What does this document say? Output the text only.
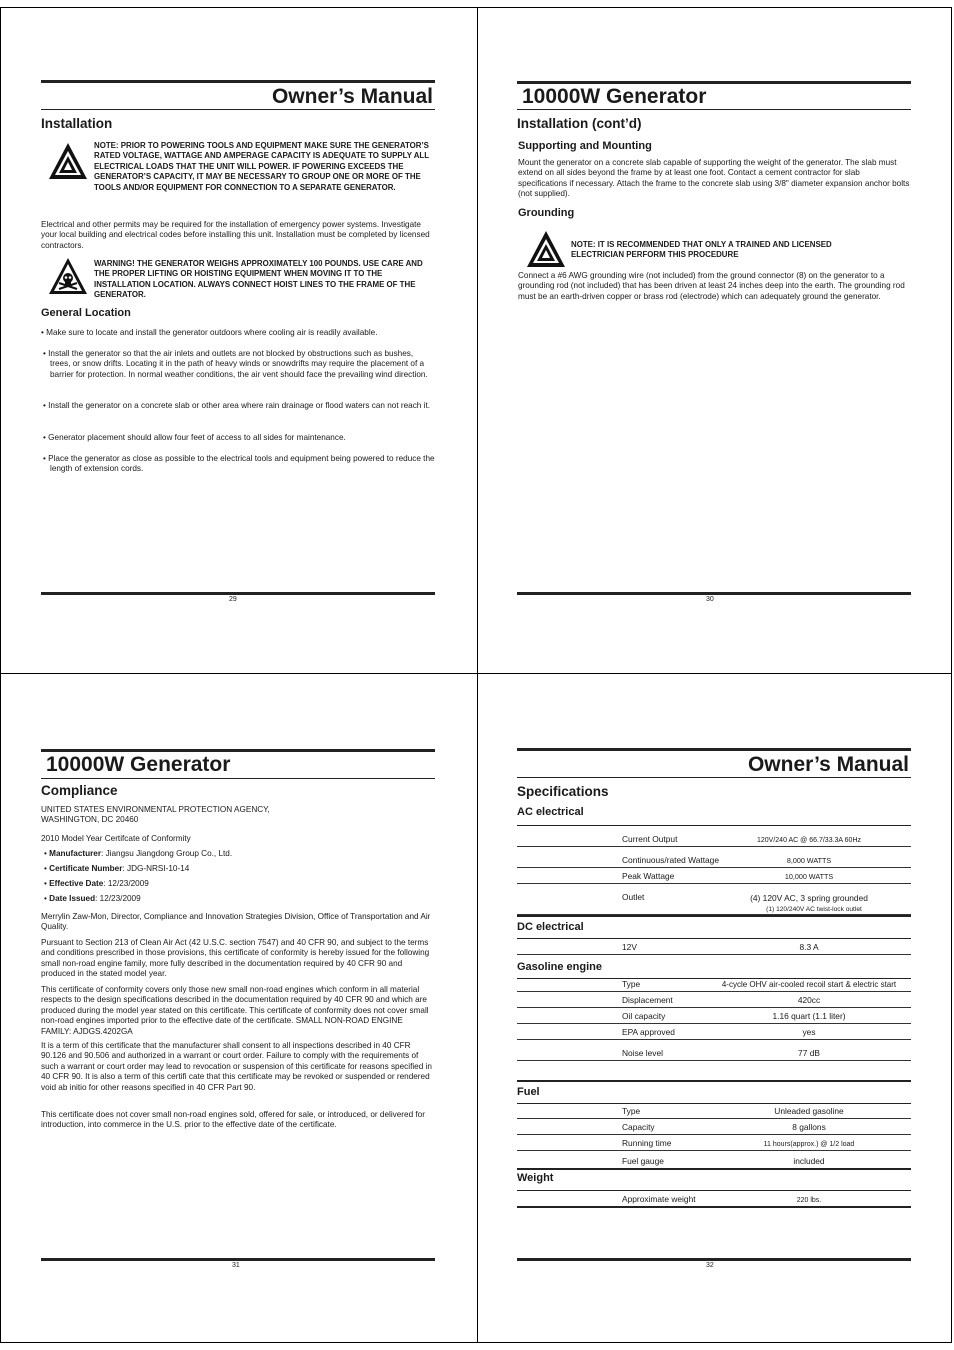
Owner’s Manual
Installation
NOTE: PRIOR TO POWERING TOOLS AND EQUIPMENT MAKE SURE THE GENERATOR’S RATED VOLTAGE, WATTAGE AND AMPERAGE CAPACITY IS ADEQUATE TO SUPPLY ALL ELECTRICAL LOADS THAT THE UNIT WILL POWER. IF POWERING EXCEEDS THE GENERATOR’S CAPACITY, IT MAY BE NECESSARY TO GROUP ONE OR MORE OF THE TOOLS AND/OR EQUIPMENT FOR CONNECTION TO A SEPARATE GENERATOR.
Electrical and other permits may be required for the installation of emergency power systems. Investigate your local building and electrical codes before installing this unit. Installation must be completed by licensed contractors.
WARNING! THE GENERATOR WEIGHS APPROXIMATELY 100 POUNDS. USE CARE AND THE PROPER LIFTING OR HOISTING EQUIPMENT WHEN MOVING IT TO THE INSTALLATION LOCATION. ALWAYS CONNECT HOIST LINES TO THE FRAME OF THE GENERATOR.
General Location
• Make sure to locate and install the generator outdoors where cooling air is readily available.
• Install the generator so that the air inlets and outlets are not blocked by obstructions such as bushes, trees, or snow drifts. Locating it in the path of heavy winds or snowdrifts may require the placement of a barrier for protection. In normal weather conditions, the air vent should face the prevailing wind direction.
• Install the generator on a concrete slab or other area where rain drainage or flood waters can not reach it.
• Generator placement should allow four feet of access to all sides for maintenance.
• Place the generator as close as possible to the electrical tools and equipment being powered to reduce the length of extension cords.
29
10000W Generator
Installation (cont’d)
Supporting and Mounting
Mount the generator on a concrete slab capable of supporting the weight of the generator. The slab must extend on all sides beyond the frame by at least one foot. Contact a cement contractor for slab specifications if necessary. Attach the frame to the concrete slab using 3/8" diameter expansion anchor bolts (not supplied).
Grounding
NOTE: IT IS RECOMMENDED THAT ONLY A TRAINED AND LICENSED ELECTRICIAN PERFORM THIS PROCEDURE
Connect a #6 AWG grounding wire (not included) from the ground connector (8) on the generator to a grounding rod (not included) that has been driven at least 24 inches deep into the earth. The grounding rod must be an earth-driven copper or brass rod (electrode) which can adequately ground the generator.
30
10000W Generator
Compliance
UNITED STATES ENVIRONMENTAL PROTECTION AGENCY,
WASHINGTON, DC 20460
2010 Model Year Certifcate of Conformity
• Manufacturer: Jiangsu Jiangdong Group Co., Ltd.
• Certificate Number: JDG-NRSI-10-14
• Effective Date: 12/23/2009
• Date Issued: 12/23/2009
Merrylin Zaw-Mon, Director, Compliance and Innovation Strategies Division, Office of Transportation and Air Quality.
Pursuant to Section 213 of Clean Air Act (42 U.S.C. section 7547) and 40 CFR 90, and subject to the terms and conditions prescribed in those provisions, this certificate of conformity is hereby issued for the following small non-road engine family, more fully described in the documentation required by 40 CFR 90 and produced in the stated model year.
This certificate of conformity covers only those new small non-road engines which conform in all material respects to the design specifications described in the documentation required by 40 CFR 90 and which are produced during the model year stated on this certificate. This certificate of conformity does not cover small non-road engines imported prior to the effective date of the certificate. SMALL NON-ROAD ENGINE FAMILY: AJDGS.4202GA
It is a term of this certificate that the manufacturer shall consent to all inspections described in 40 CFR 90.126 and 90.506 and authorized in a warrant or court order. Failure to comply with the requirements of such a warrant or court order may lead to revocation or suspension of this certificate for reasons specified in 40 CFR 90. It is also a term of this certifi cate that this certificate may be revoked or suspended or rendered void ab initio for other reasons specified in 40 CFR Part 90.
This certificate does not cover small non-road engines sold, offered for sale, or introduced, or delivered for introduction, into commerce in the U.S. prior to the effective date of the certificate.
31
Owner’s Manual
Specifications
AC electrical
Current Output	120V/240 AC @ 66.7/33.3A 60Hz
Continuous/rated Wattage	8,000 WATTS
Peak Wattage	10,000 WATTS
Outlet	(4) 120V AC, 3 spring grounded
(1) 120/240V AC twist-lock outlet
DC electrical
12V	8.3 A
Gasoline engine
Type	4-cycle OHV air-cooled recoil start & electric start
Displacement	420cc
Oil capacity	1.16 quart (1.1 liter)
EPA approved	yes
Noise level	77 dB
Fuel
Type	Unleaded gasoline
Capacity	8 gallons
Running time	11 hours(approx.) @ 1/2 load
Fuel gauge	included
Weight
Approximate weight	220 lbs.
32
